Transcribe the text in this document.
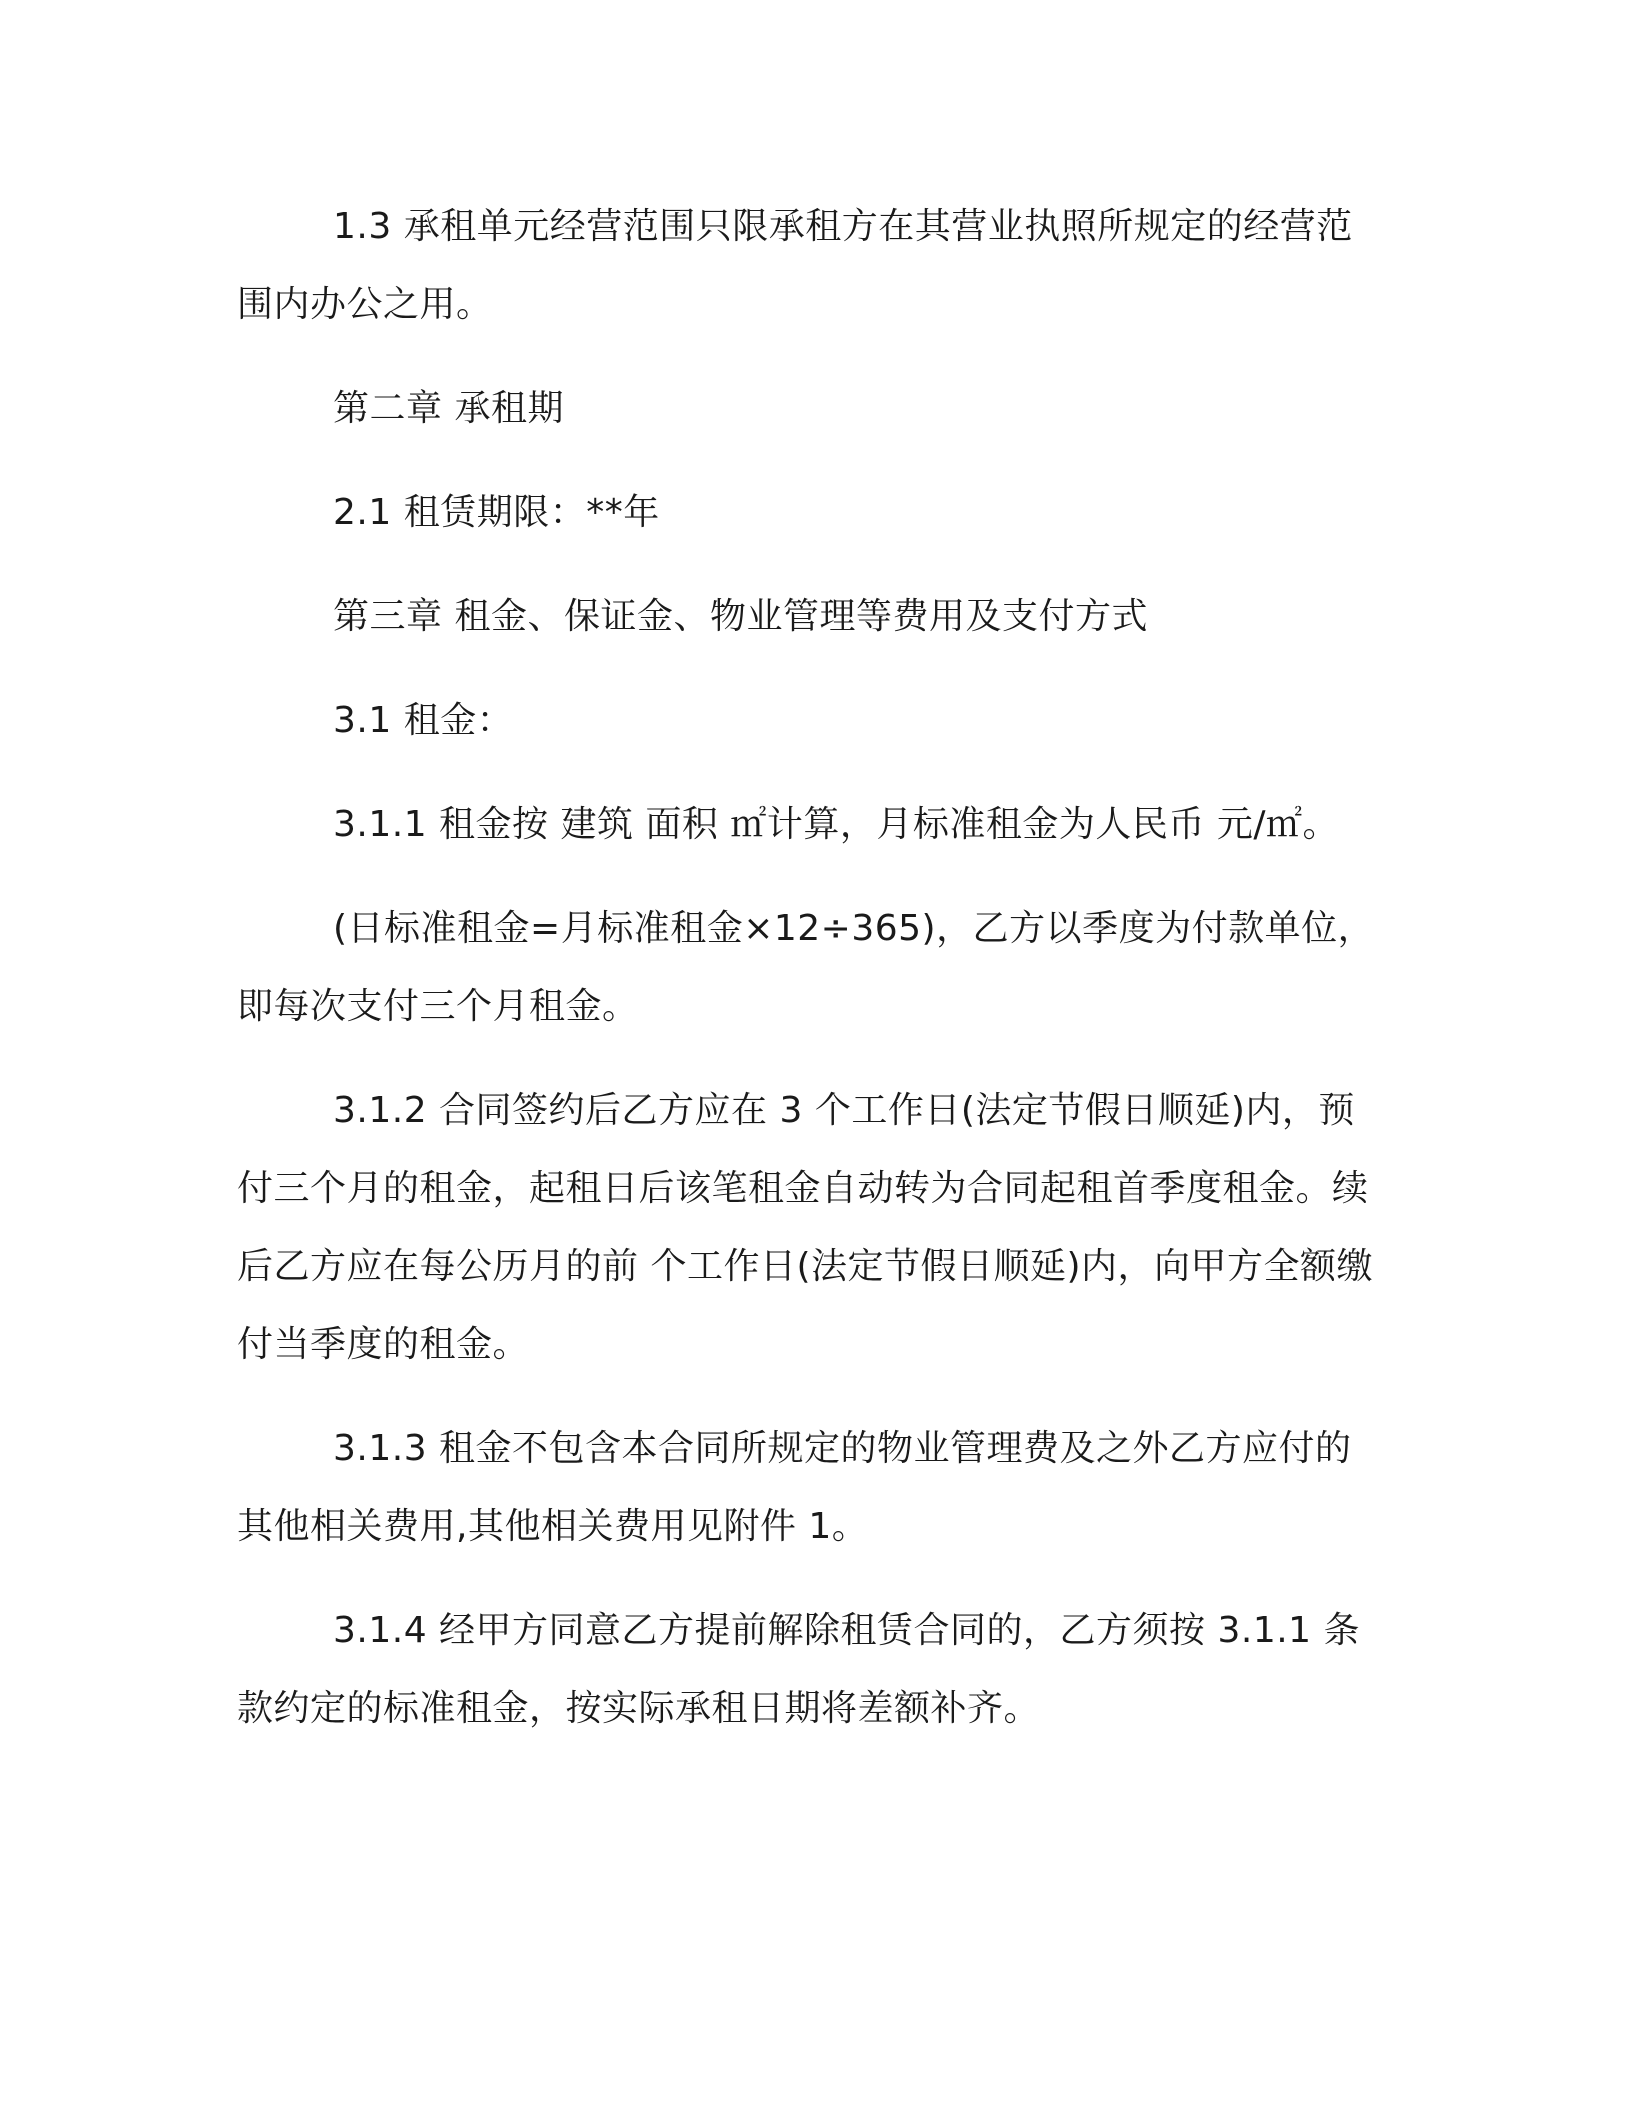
1.3 承租单元经营范围只限承租方在其营业执照所规定的经营范围内办公之用。

第二章 承租期

2.1 租赁期限：**年

第三章 租金、保证金、物业管理等费用及支付方式

3.1 租金：

3.1.1 租金按 建筑 面积 ㎡计算，月标准租金为人民币 元/㎡。

(日标准租金=月标准租金×12÷365)，乙方以季度为付款单位，即每次支付三个月租金。

3.1.2 合同签约后乙方应在 3 个工作日(法定节假日顺延)内，预付三个月的租金，起租日后该笔租金自动转为合同起租首季度租金。续后乙方应在每公历月的前 个工作日(法定节假日顺延)内，向甲方全额缴付当季度的租金。

3.1.3 租金不包含本合同所规定的物业管理费及之外乙方应付的其他相关费用,其他相关费用见附件 1。

3.1.4 经甲方同意乙方提前解除租赁合同的，乙方须按 3.1.1 条款约定的标准租金，按实际承租日期将差额补齐。
